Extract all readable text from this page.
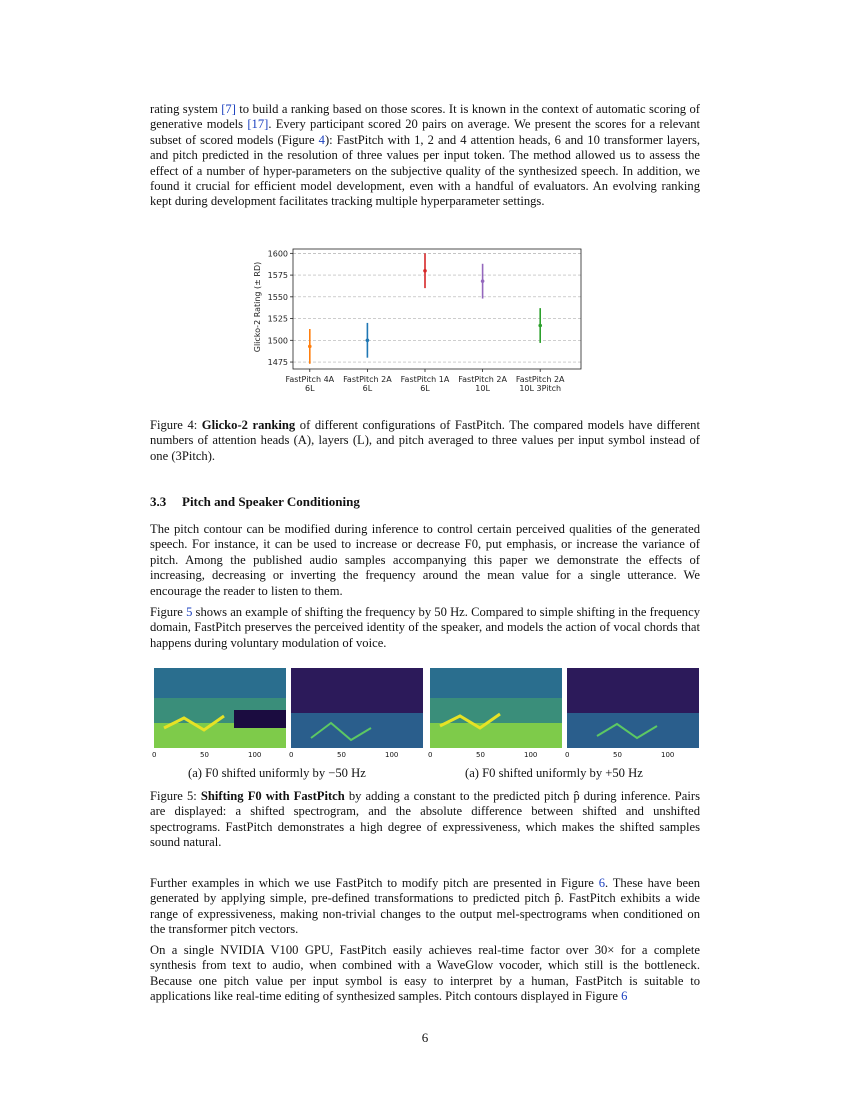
rating system [7] to build a ranking based on those scores. It is known in the context of automatic scoring of generative models [17]. Every participant scored 20 pairs on average. We present the scores for a relevant subset of scored models (Figure 4): FastPitch with 1, 2 and 4 attention heads, 6 and 10 transformer layers, and pitch predicted in the resolution of three values per input token. The method allowed us to assess the effect of a number of hyper-parameters on the subjective quality of the synthesized speech. In addition, we found it crucial for efficient model development, even with a handful of evaluators. An evolving ranking kept during development facilitates tracking multiple hyperparameter settings.

Glicko-2 Rating (± RD)
1475
1500
1525
1550
1575
1600
FastPitch 4A
6L
FastPitch 2A
6L
FastPitch 1A
6L
FastPitch 2A
10L
FastPitch 2A
10L 3Pitch

Figure 4: Glicko-2 ranking of different configurations of FastPitch. The compared models have different numbers of attention heads (A), layers (L), and pitch averaged to three values per input symbol instead of one (3Pitch).

3.3 Pitch and Speaker Conditioning

The pitch contour can be modified during inference to control certain perceived qualities of the generated speech. For instance, it can be used to increase or decrease F0, put emphasis, or increase the variance of pitch. Among the published audio samples accompanying this paper we demonstrate the effects of increasing, decreasing or inverting the frequency around the mean value for a single utterance. We encourage the reader to listen to them.

Figure 5 shows an example of shifting the frequency by 50 Hz. Compared to simple shifting in the frequency domain, FastPitch preserves the perceived identity of the speaker, and models the action of vocal chords that happens during voluntary modulation of voice.

0	50	100	0	50	100	0	50	100	0	50	100
(a) F0 shifted uniformly by −50 Hz	(a) F0 shifted uniformly by +50 Hz

Figure 5: Shifting F0 with FastPitch by adding a constant to the predicted pitch p̂ during inference. Pairs are displayed: a shifted spectrogram, and the absolute difference between shifted and unshifted spectrograms. FastPitch demonstrates a high degree of expressiveness, which makes the shifted samples sound natural.

Further examples in which we use FastPitch to modify pitch are presented in Figure 6. These have been generated by applying simple, pre-defined transformations to predicted pitch p̂. FastPitch exhibits a wide range of expressiveness, making non-trivial changes to the output mel-spectrograms when conditioned on the transformer pitch vectors.

On a single NVIDIA V100 GPU, FastPitch easily achieves real-time factor over 30× for a complete synthesis from text to audio, when combined with a WaveGlow vocoder, which still is the bottleneck. Because one pitch value per input symbol is easy to interpret by a human, FastPitch is suitable to applications like real-time editing of synthesized samples. Pitch contours displayed in Figure 6

6
